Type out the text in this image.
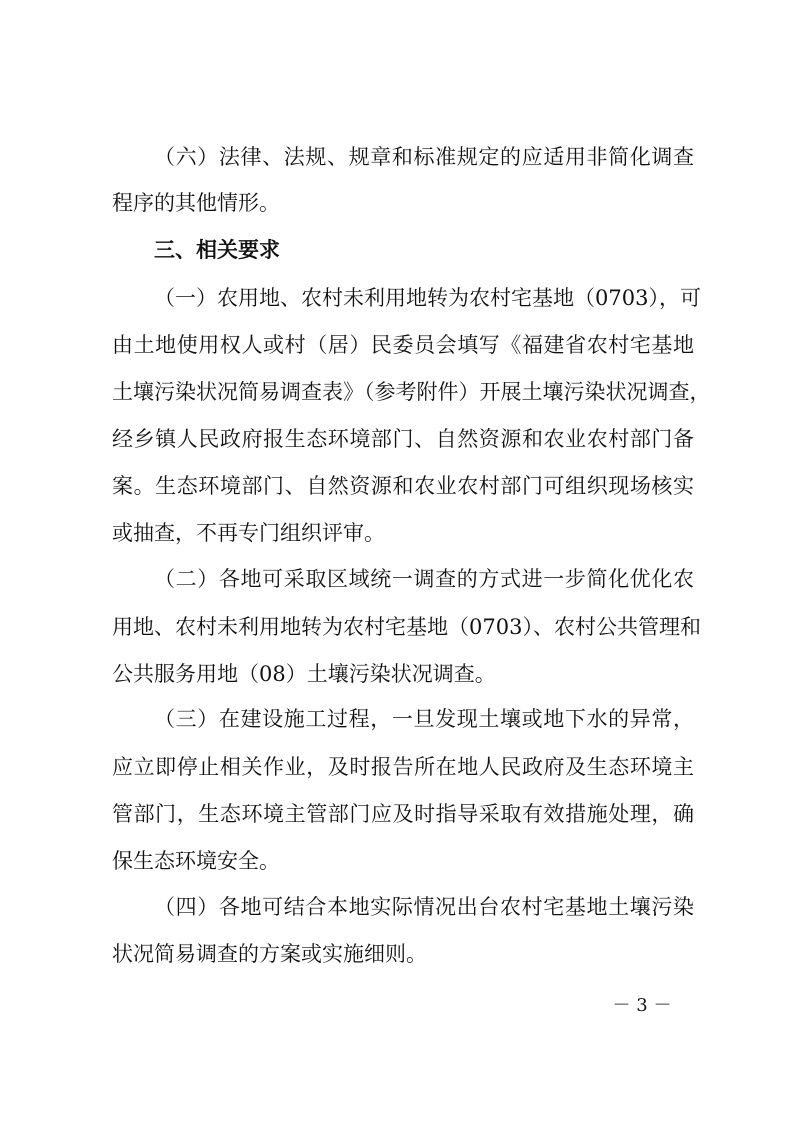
（六）法律、法规、规章和标准规定的应适用非简化调查
程序的其他情形。
三、相关要求
（一）农用地、农村未利用地转为农村宅基地（0703），可
由土地使用权人或村（居）民委员会填写《福建省农村宅基地
土壤污染状况简易调查表》（参考附件）开展土壤污染状况调查，
经乡镇人民政府报生态环境部门、自然资源和农业农村部门备
案。生态环境部门、自然资源和农业农村部门可组织现场核实
或抽查，不再专门组织评审。
（二）各地可采取区域统一调查的方式进一步简化优化农
用地、农村未利用地转为农村宅基地（0703）、农村公共管理和
公共服务用地（08）土壤污染状况调查。
（三）在建设施工过程，一旦发现土壤或地下水的异常，
应立即停止相关作业，及时报告所在地人民政府及生态环境主
管部门，生态环境主管部门应及时指导采取有效措施处理，确
保生态环境安全。
（四）各地可结合本地实际情况出台农村宅基地土壤污染
状况简易调查的方案或实施细则。
－ 3 －
